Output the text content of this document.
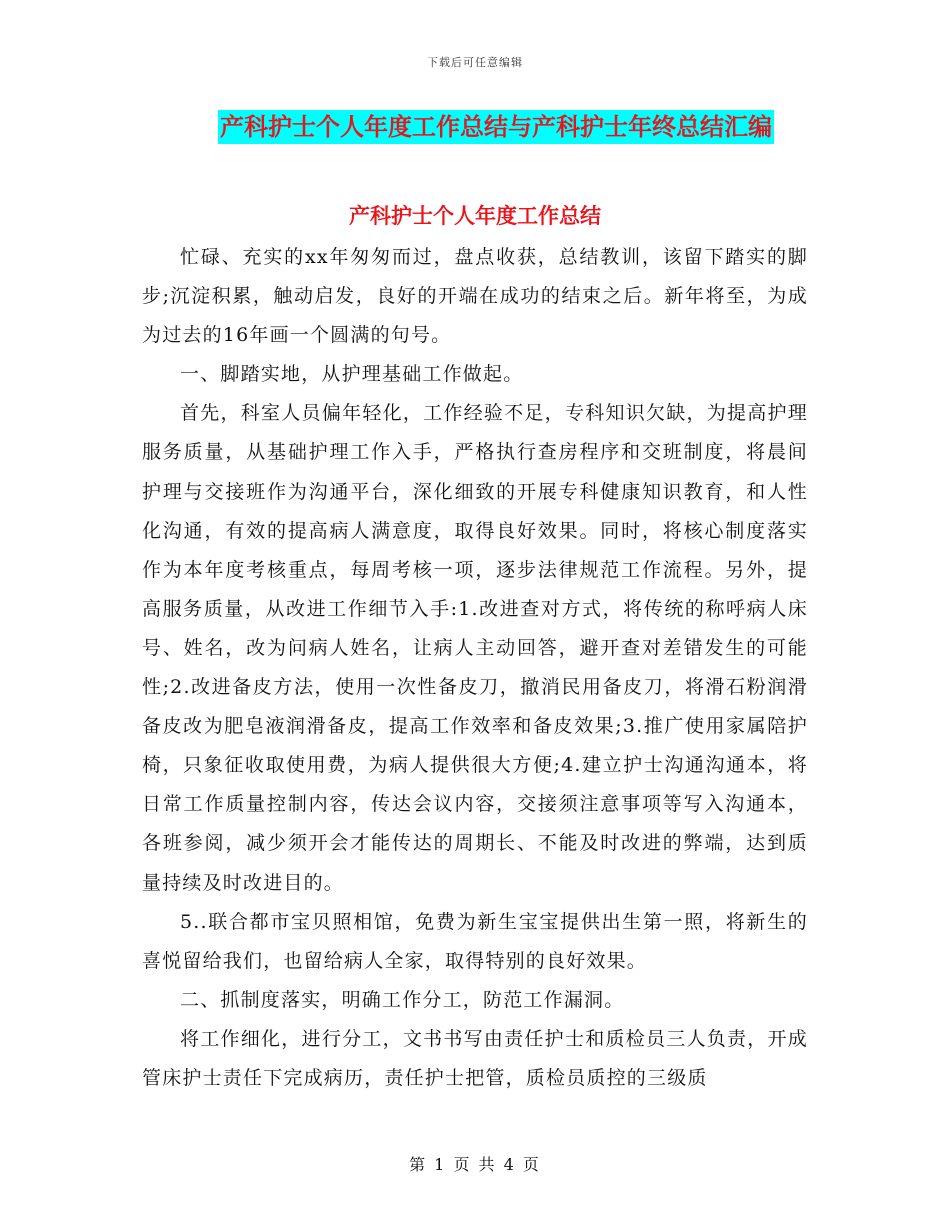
下载后可任意编辑
产科护士个人年度工作总结与产科护士年终总结汇编
产科护士个人年度工作总结

忙碌、充实的xx年匆匆而过，盘点收获，总结教训，该留下踏实的脚步;沉淀积累，触动启发，良好的开端在成功的结束之后。新年将至，为成为过去的16年画一个圆满的句号。

一、脚踏实地，从护理基础工作做起。

首先，科室人员偏年轻化，工作经验不足，专科知识欠缺，为提高护理服务质量，从基础护理工作入手，严格执行查房程序和交班制度，将晨间护理与交接班作为沟通平台，深化细致的开展专科健康知识教育，和人性化沟通，有效的提高病人满意度，取得良好效果。同时，将核心制度落实作为本年度考核重点，每周考核一项，逐步法律规范工作流程。另外，提高服务质量，从改进工作细节入手:1.改进查对方式，将传统的称呼病人床号、姓名，改为问病人姓名，让病人主动回答，避开查对差错发生的可能性;2.改进备皮方法，使用一次性备皮刀，撤消民用备皮刀，将滑石粉润滑备皮改为肥皂液润滑备皮，提高工作效率和备皮效果;3.推广使用家属陪护椅，只象征收取使用费，为病人提供很大方便;4.建立护士沟通沟通本，将日常工作质量控制内容，传达会议内容，交接须注意事项等写入沟通本，各班参阅，减少须开会才能传达的周期长、不能及时改进的弊端，达到质量持续及时改进目的。

5..联合都市宝贝照相馆，免费为新生宝宝提供出生第一照，将新生的喜悦留给我们，也留给病人全家，取得特别的良好效果。

二、抓制度落实，明确工作分工，防范工作漏洞。

将工作细化，进行分工，文书书写由责任护士和质检员三人负责，开成管床护士责任下完成病历，责任护士把管，质检员质控的三级质

第 1 页 共 4 页
